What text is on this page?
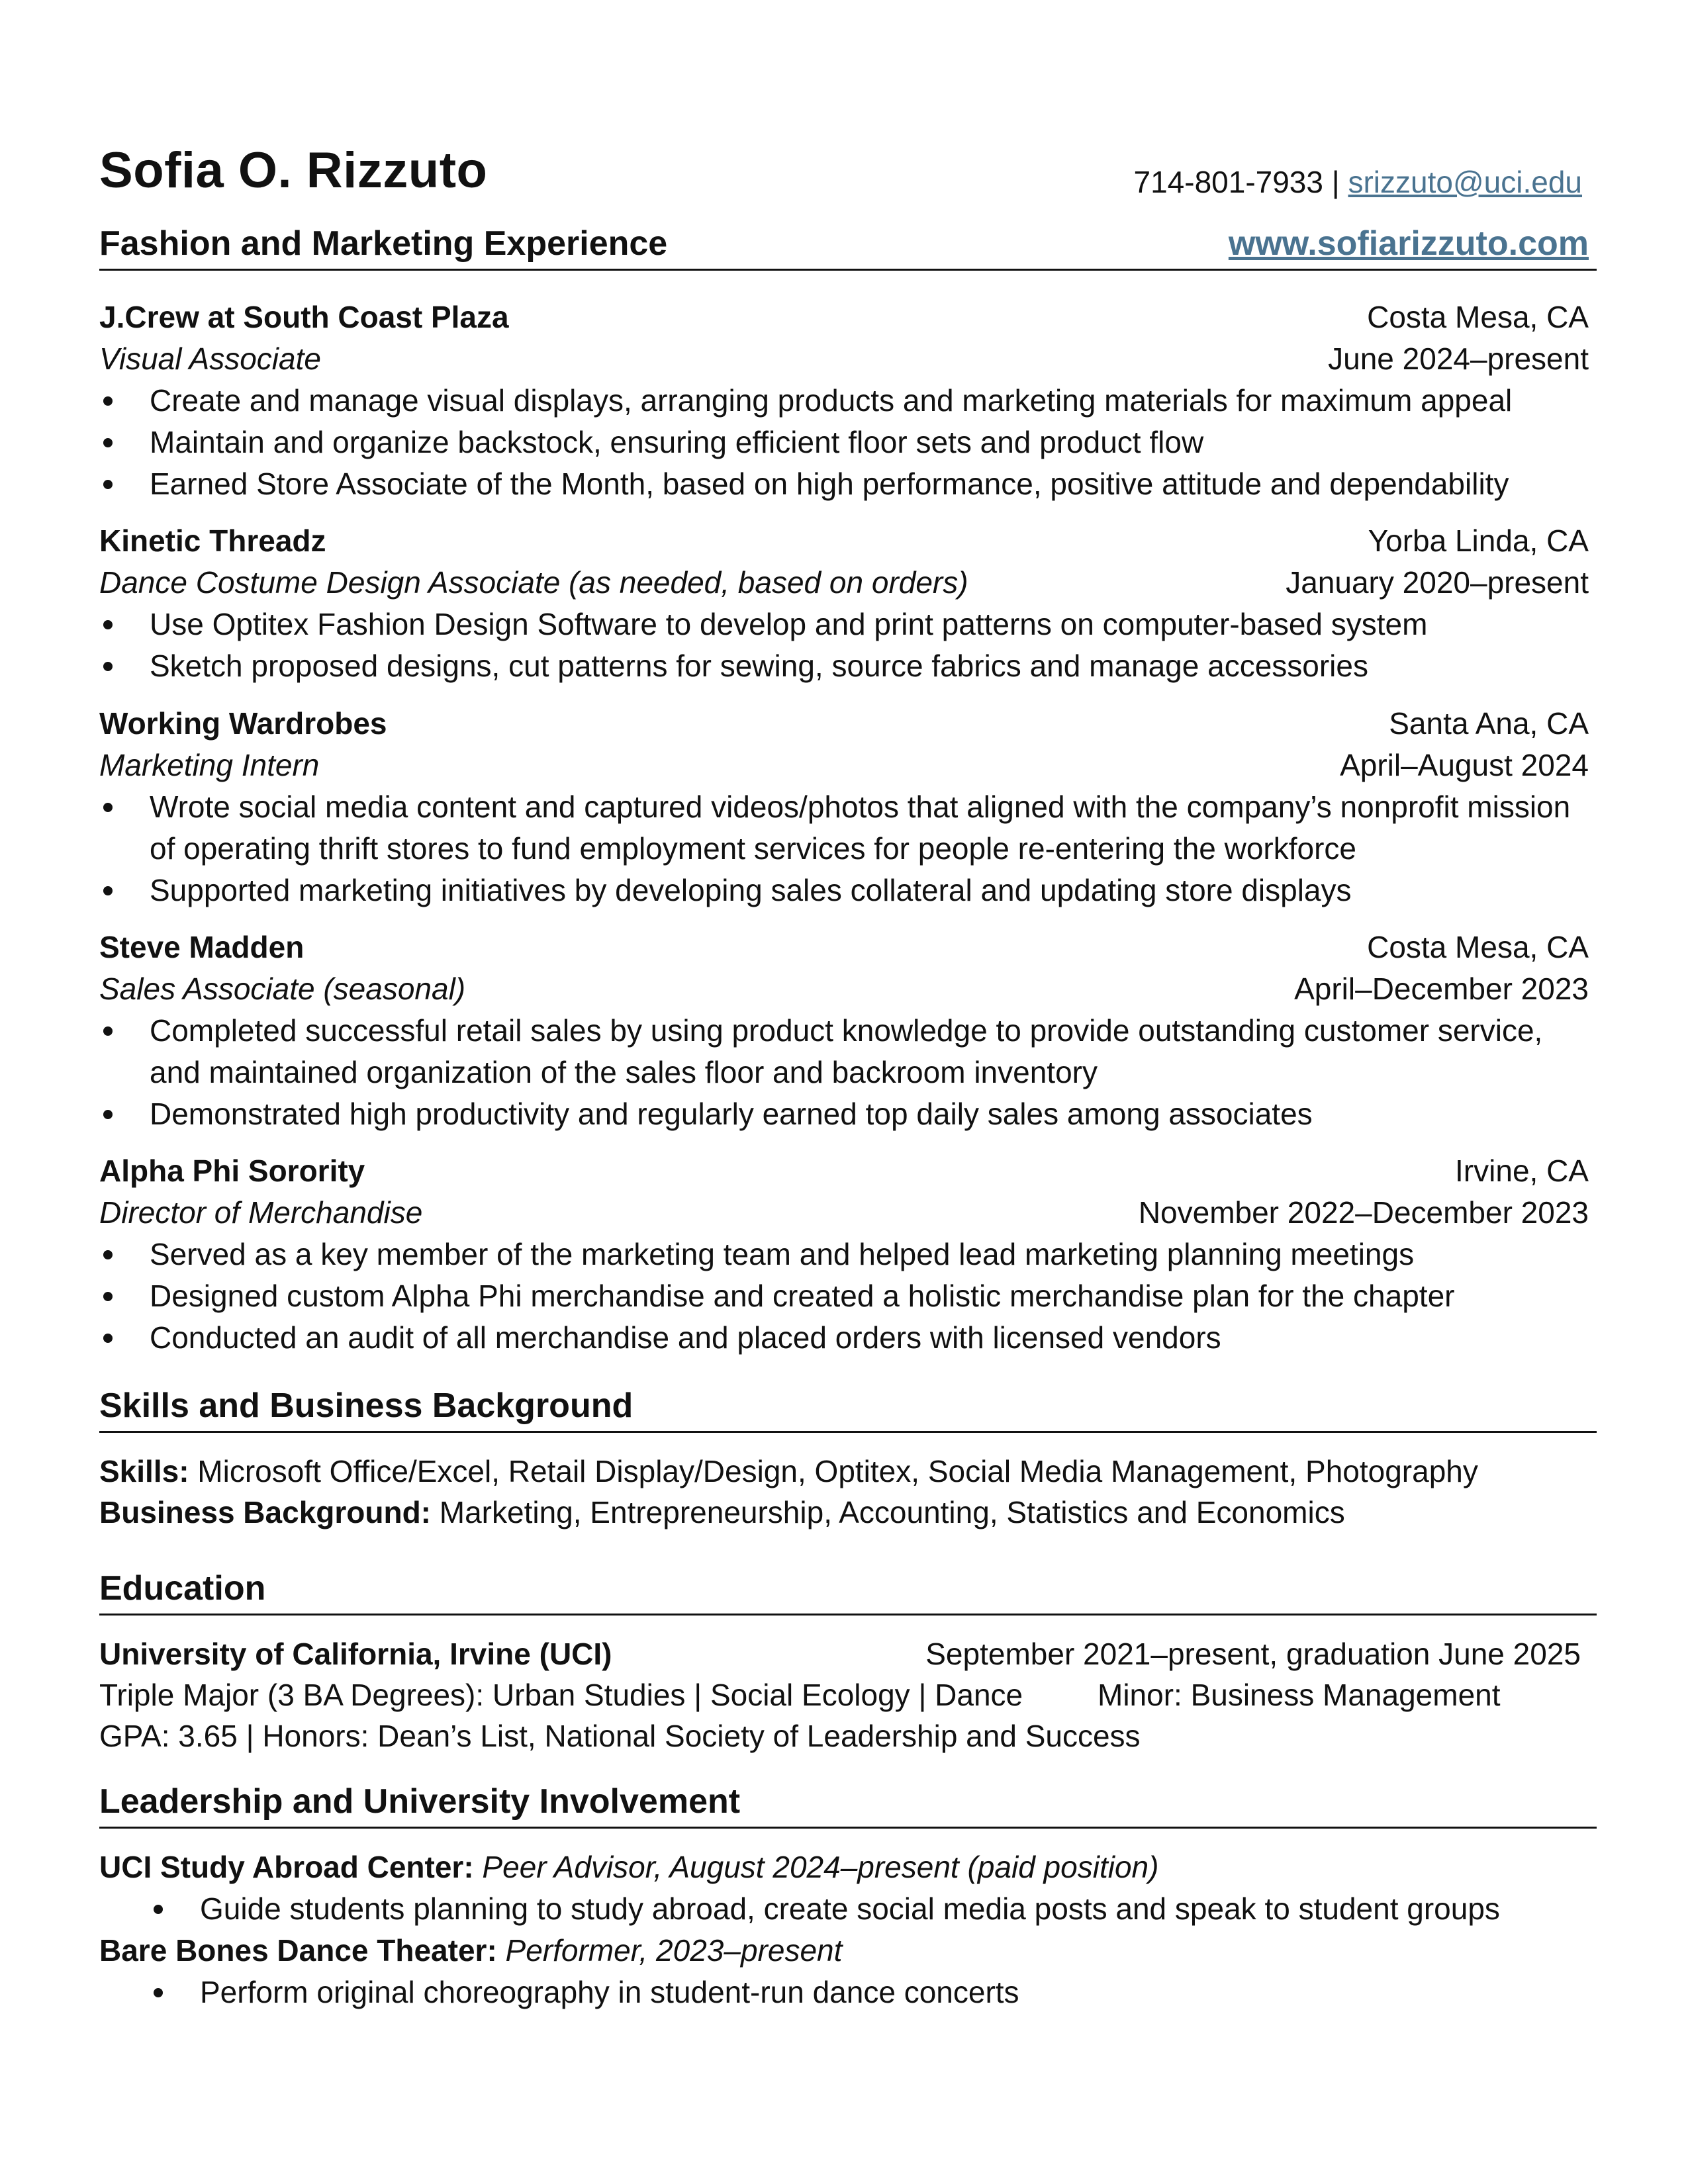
Sofia O. Rizzuto	714-801-7933 | srizzuto@uci.edu
Fashion and Marketing Experience	www.sofiarizzuto.com
J.Crew at South Coast Plaza	Costa Mesa, CA
Visual Associate	June 2024–present
Create and manage visual displays, arranging products and marketing materials for maximum appeal
Maintain and organize backstock, ensuring efficient floor sets and product flow
Earned Store Associate of the Month, based on high performance, positive attitude and dependability
Kinetic Threadz	Yorba Linda, CA
Dance Costume Design Associate (as needed, based on orders)	January 2020–present
Use Optitex Fashion Design Software to develop and print patterns on computer-based system
Sketch proposed designs, cut patterns for sewing, source fabrics and manage accessories
Working Wardrobes	Santa Ana, CA
Marketing Intern	April–August 2024
Wrote social media content and captured videos/photos that aligned with the company’s nonprofit mission of operating thrift stores to fund employment services for people re-entering the workforce
Supported marketing initiatives by developing sales collateral and updating store displays
Steve Madden	Costa Mesa, CA
Sales Associate (seasonal)	April–December 2023
Completed successful retail sales by using product knowledge to provide outstanding customer service, and maintained organization of the sales floor and backroom inventory
Demonstrated high productivity and regularly earned top daily sales among associates
Alpha Phi Sorority	Irvine, CA
Director of Merchandise	November 2022–December 2023
Served as a key member of the marketing team and helped lead marketing planning meetings
Designed custom Alpha Phi merchandise and created a holistic merchandise plan for the chapter
Conducted an audit of all merchandise and placed orders with licensed vendors
Skills and Business Background
Skills: Microsoft Office/Excel, Retail Display/Design, Optitex, Social Media Management, Photography
Business Background: Marketing, Entrepreneurship, Accounting, Statistics and Economics
Education
University of California, Irvine (UCI)	September 2021–present, graduation June 2025
Triple Major (3 BA Degrees): Urban Studies | Social Ecology | Dance Minor: Business Management
GPA: 3.65 | Honors: Dean’s List, National Society of Leadership and Success
Leadership and University Involvement
UCI Study Abroad Center: Peer Advisor, August 2024–present (paid position)
Guide students planning to study abroad, create social media posts and speak to student groups
Bare Bones Dance Theater: Performer, 2023–present
Perform original choreography in student-run dance concerts
